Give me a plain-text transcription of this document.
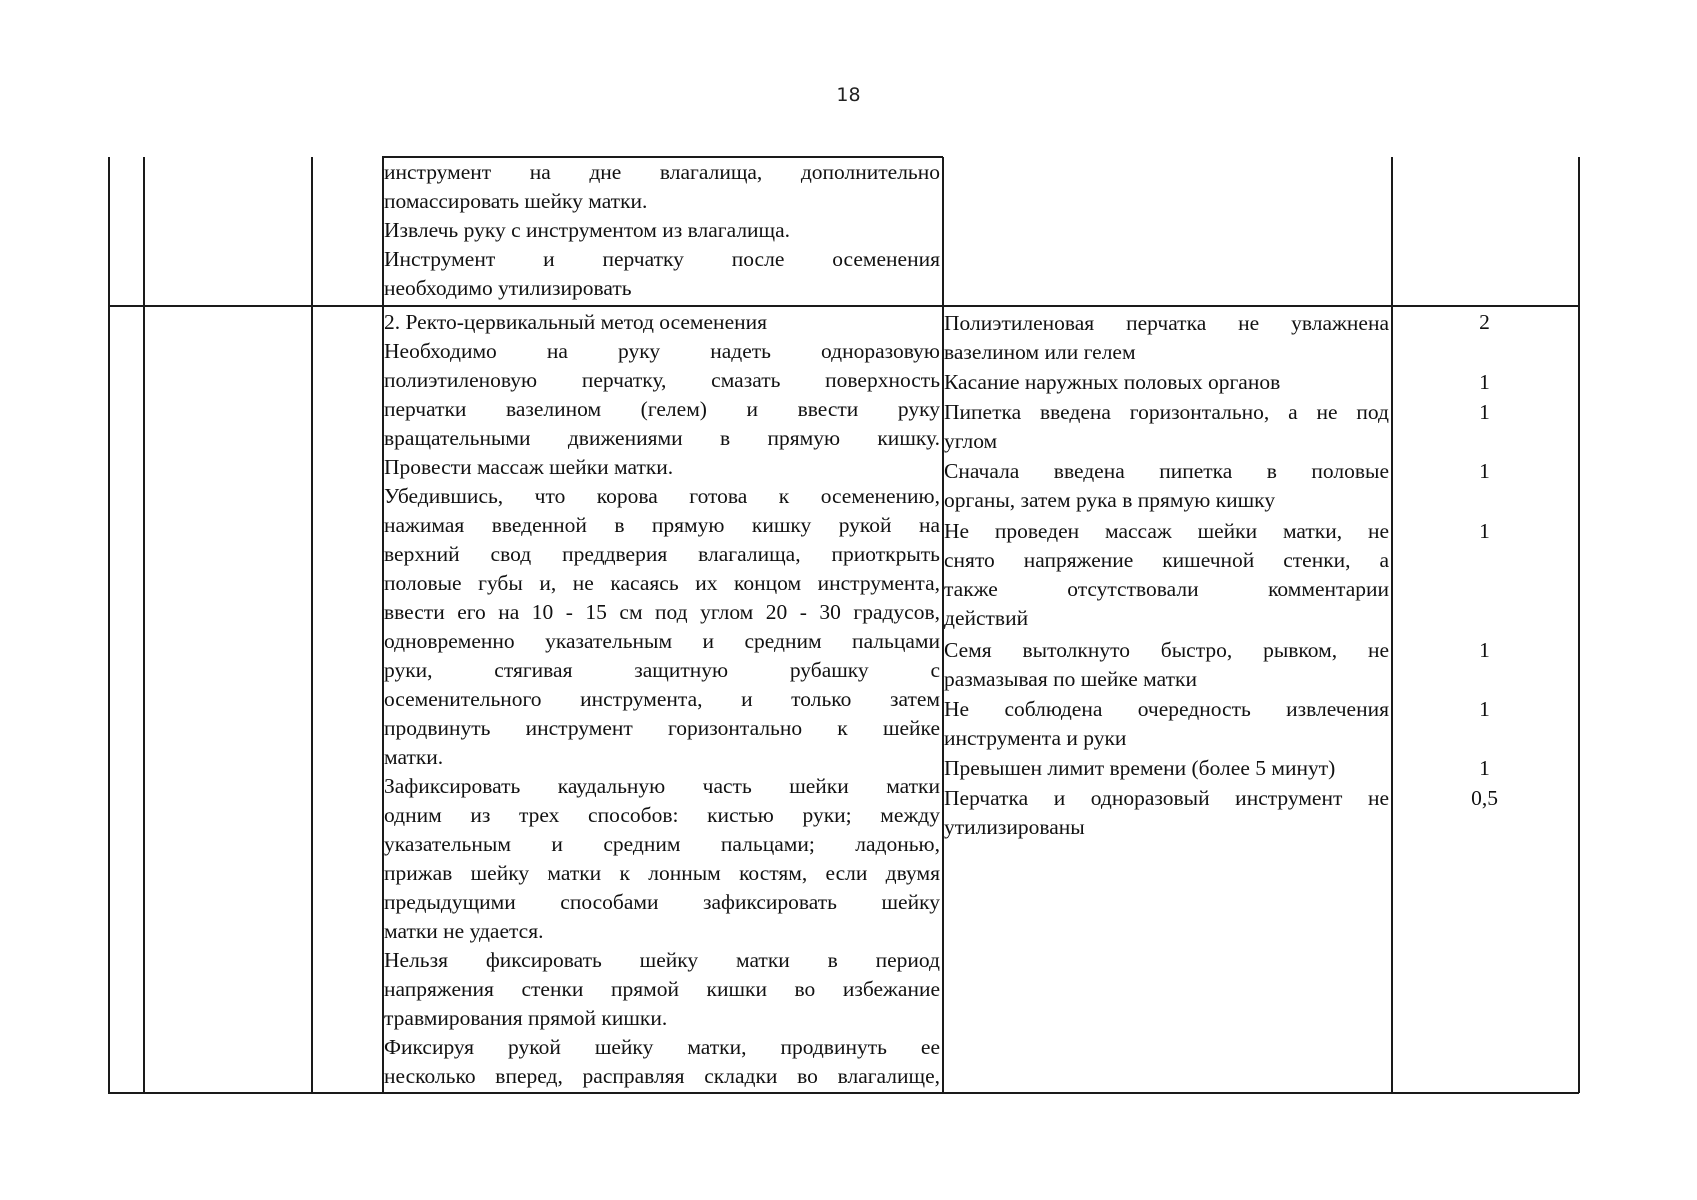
18

инструмент на дне влагалища, дополнительно

помассировать шейку матки.

Извлечь руку с инструментом из влагалища.

Инструмент и перчатку после осеменения

необходимо утилизировать

2. Ректо-цервикальный метод осеменения

Необходимо на руку надеть одноразовую

полиэтиленовую перчатку, смазать поверхность

перчатки вазелином (гелем) и ввести руку

вращательными движениями в прямую кишку.

Провести массаж шейки матки.

Убедившись, что корова готова к осеменению,

нажимая введенной в прямую кишку рукой на

верхний свод преддверия влагалища, приоткрыть

половые губы и, не касаясь их концом инструмента,

ввести его на 10 - 15 см под углом 20 - 30 градусов,

одновременно указательным и средним пальцами

руки, стягивая защитную рубашку с

осеменительного инструмента, и только затем

продвинуть инструмент горизонтально к шейке

матки.

Зафиксировать каудальную часть шейки матки

одним из трех способов: кистью руки; между

указательным и средним пальцами; ладонью,

прижав шейку матки к лонным костям, если двумя

предыдущими способами зафиксировать шейку

матки не удается.

Нельзя фиксировать шейку матки в период

напряжения стенки прямой кишки во избежание

травмирования прямой кишки.

Фиксируя рукой шейку матки, продвинуть ее

несколько вперед, расправляя складки во влагалище,

Полиэтиленовая перчатка не увлажнена

вазелином или гелем

Касание наружных половых органов

Пипетка введена горизонтально, а не под

углом

Сначала введена пипетка в половые

органы, затем рука в прямую кишку

Не проведен массаж шейки матки, не

снято напряжение кишечной стенки, а

также отсутствовали комментарии

действий

Семя вытолкнуто быстро, рывком, не

размазывая по шейке матки

Не соблюдена очередность извлечения

инструмента и руки

Превышен лимит времени (более 5 минут)

Перчатка и одноразовый инструмент не

утилизированы

2
1
1
1
1
1
1
1
0,5
